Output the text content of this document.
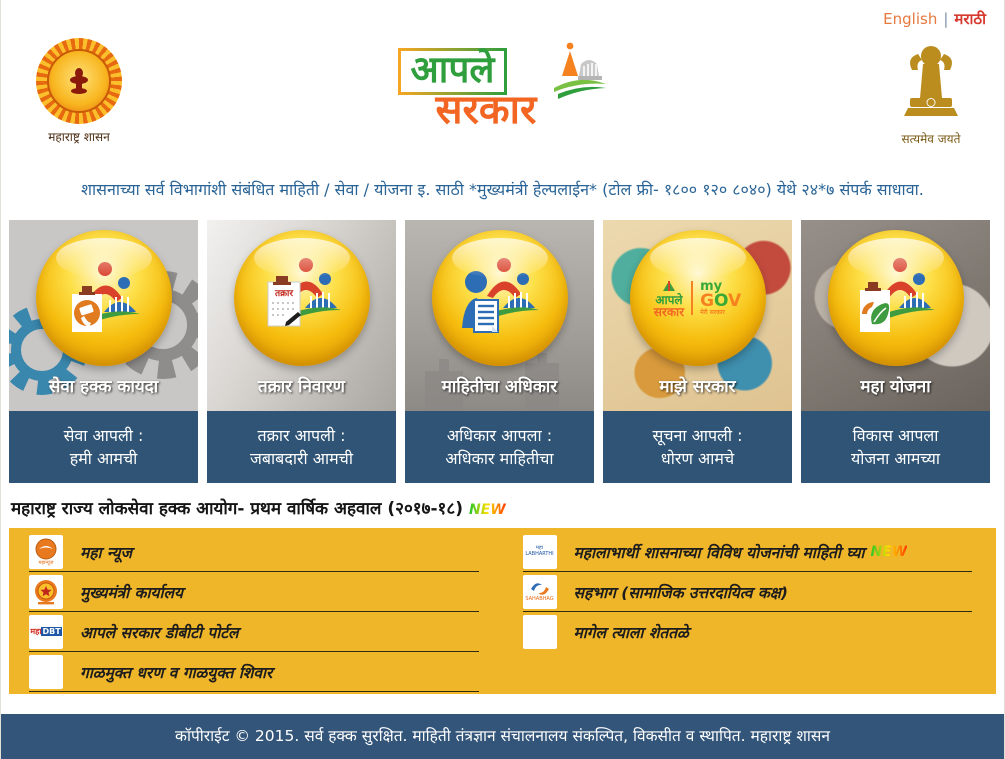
English | मराठी
महाराष्ट्र शासन
आपले
सरकार
सत्यमेव जयते
शासनाच्या सर्व विभागांशी संबंधित माहिती / सेवा / योजना इ. साठी *मुख्यमंत्री हेल्पलाईन* (टोल फ्री- १८०० १२० ८०४०) येथे २४*७ संपर्क साधावा.
सेवा हक्क कायदा
सेवा आपली :
हमी आमची
तक्रार
तक्रार निवारण
तक्रार आपली :
जबाबदारी आमची
माहितीचा अधिकार
अधिकार आपला :
अधिकार माहितीचा
आपले
सरकार
my
GOV
मेरी सरकार
माझे सरकार
सूचना आपली :
धोरण आमचे
महा योजना
विकास आपला
योजना आमच्या
महाराष्ट्र राज्य लोकसेवा हक्क आयोग- प्रथम वार्षिक अहवाल (२०१७-१८) NEW
महान्यूज
महा न्यूज
मुख्यमंत्री कार्यालय
महा DBT आपले सरकार डीबीटी पोर्टल
गाळमुक्त धरण व गाळयुक्त शिवार
महा
LABHARTHI महालाभार्थी शासनाच्या विविध योजनांची माहिती घ्या NEW
SAHABHAG सहभाग (सामाजिक उत्तरदायित्व कक्ष)
मागेल त्याला शेततळे
कॉपीराईट © 2015. सर्व हक्क सुरक्षित. माहिती तंत्रज्ञान संचालनालय संकल्पित, विकसीत व स्थापित. महाराष्ट्र शासन
